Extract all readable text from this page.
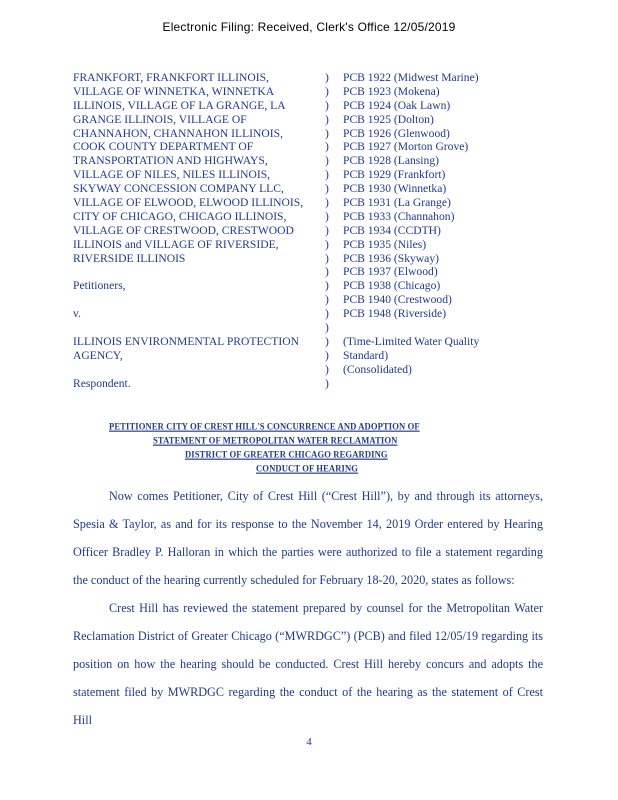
Electronic Filing: Received, Clerk's Office 12/05/2019
FRANKFORT, FRANKFORT ILLINOIS,	)	PCB 1922 (Midwest Marine)
VILLAGE OF WINNETKA, WINNETKA	)	PCB 1923 (Mokena)
ILLINOIS, VILLAGE OF LA GRANGE, LA	)	PCB 1924 (Oak Lawn)
GRANGE ILLINOIS, VILLAGE OF	)	PCB 1925 (Dolton)
CHANNAHON, CHANNAHON ILLINOIS,	)	PCB 1926 (Glenwood)
COOK COUNTY DEPARTMENT OF	)	PCB 1927 (Morton Grove)
TRANSPORTATION AND HIGHWAYS,	)	PCB 1928 (Lansing)
VILLAGE OF NILES, NILES ILLINOIS,	)	PCB 1929 (Frankfort)
SKYWAY CONCESSION COMPANY LLC,	)	PCB 1930 (Winnetka)
VILLAGE OF ELWOOD, ELWOOD ILLINOIS,	)	PCB 1931 (La Grange)
CITY OF CHICAGO, CHICAGO ILLINOIS,	)	PCB 1933 (Channahon)
VILLAGE OF CRESTWOOD, CRESTWOOD	)	PCB 1934 (CCDTH)
ILLINOIS and VILLAGE OF RIVERSIDE,	)	PCB 1935 (Niles)
RIVERSIDE ILLINOIS	)	PCB 1936 (Skyway)
)	PCB 1937 (Elwood)
Petitioners,	)	PCB 1938 (Chicago)
)	PCB 1940 (Crestwood)
v.	)	PCB 1948 (Riverside)
)
ILLINOIS ENVIRONMENTAL PROTECTION	)	(Time-Limited Water Quality
AGENCY,	)	Standard)
)	(Consolidated)
Respondent.	)
PETITIONER CITY OF CREST HILL'S CONCURRENCE AND ADOPTION OF
STATEMENT OF METROPOLITAN WATER RECLAMATION
DISTRICT OF GREATER CHICAGO REGARDING
CONDUCT OF HEARING

Now comes Petitioner, City of Crest Hill (“Crest Hill”), by and through its attorneys, Spesia & Taylor, as and for its response to the November 14, 2019 Order entered by Hearing Officer Bradley P. Halloran in which the parties were authorized to file a statement regarding the conduct of the hearing currently scheduled for February 18-20, 2020, states as follows:

Crest Hill has reviewed the statement prepared by counsel for the Metropolitan Water Reclamation District of Greater Chicago (“MWRDGC”) (PCB) and filed 12/05/19 regarding its position on how the hearing should be conducted. Crest Hill hereby concurs and adopts the statement filed by MWRDGC regarding the conduct of the hearing as the statement of Crest Hill

4
